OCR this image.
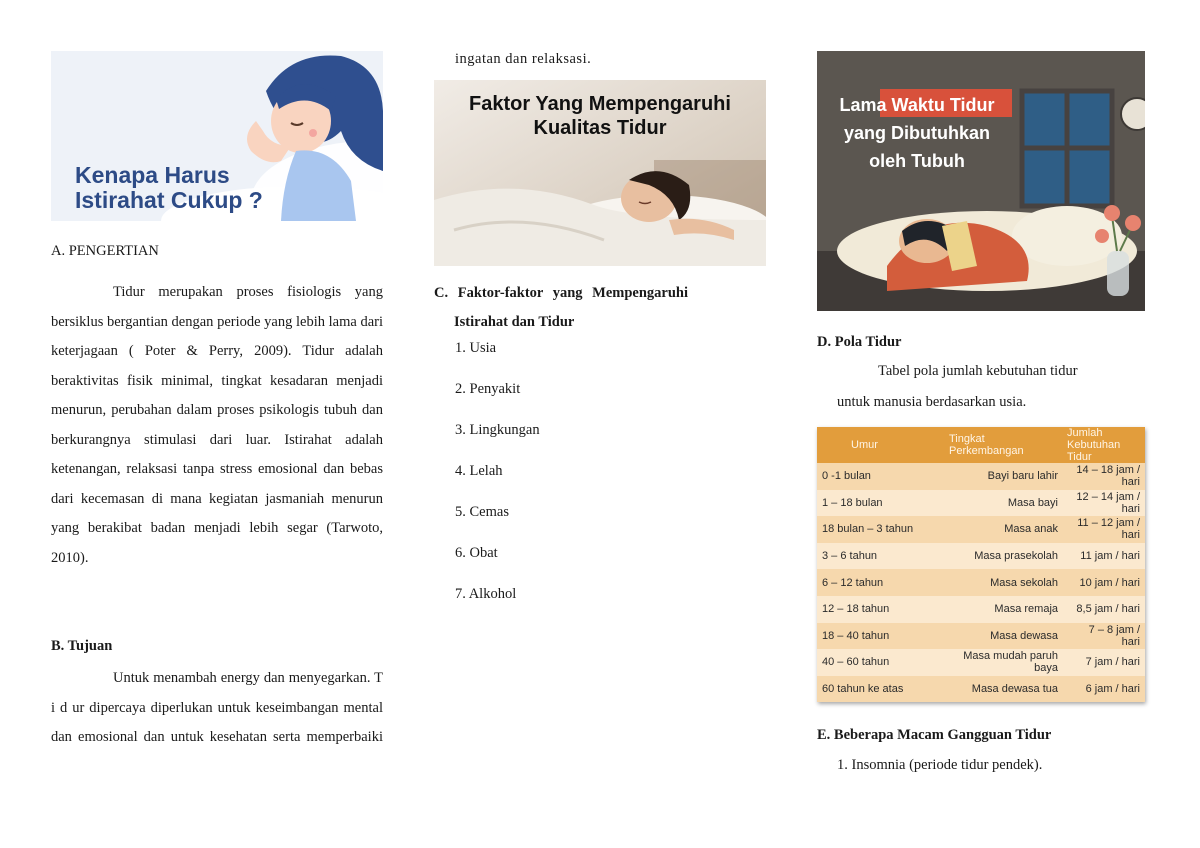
Kenapa Harus
Istirahat Cukup ?
A. PENGERTIAN
Tidur merupakan proses fisiologis yang bersiklus bergantian dengan periode yang lebih lama dari keterjagaan ( Poter & Perry, 2009). Tidur adalah beraktivitas fisik minimal, tingkat kesadaran menjadi menurun, perubahan dalam proses psikologis tubuh dan berkurangnya stimulasi dari luar. Istirahat adalah ketenangan, relaksasi tanpa stress emosional dan bebas dari kecemasan di mana kegiatan jasmaniah menurun yang berakibat badan menjadi lebih segar (Tarwoto, 2010).
B. Tujuan
Untuk menambah energy dan menyegarkan. T i d ur dipercaya diperlukan untuk keseimbangan mental dan emosional dan untuk kesehatan serta memperbaiki
ingatan dan relaksasi.
Faktor Yang Mempengaruhi
Kualitas Tidur
C. Faktor-faktor yang Mempengaruhi
Istirahat dan Tidur
1. Usia
2. Penyakit
3. Lingkungan
4. Lelah
5. Cemas
6. Obat
7. Alkohol
Lama Waktu Tidur
yang Dibutuhkan
oleh Tubuh
D. Pola Tidur
Tabel pola jumlah kebutuhan tidur
untuk manusia berdasarkan usia.
Umur	Tingkat Perkembangan	Jumlah Kebutuhan Tidur
0 -1 bulan	Bayi baru lahir	14 – 18 jam / hari
1 – 18 bulan	Masa bayi	12 – 14 jam / hari
18 bulan – 3 tahun	Masa anak	11 – 12 jam / hari
3 – 6 tahun	Masa prasekolah	11 jam / hari
6 – 12 tahun	Masa sekolah	10 jam / hari
12 – 18 tahun	Masa remaja	8,5 jam / hari
18 – 40 tahun	Masa dewasa	7 – 8 jam / hari
40 – 60 tahun	Masa mudah paruh baya	7 jam / hari
60 tahun ke atas	Masa dewasa tua	6 jam / hari
E. Beberapa Macam Gangguan Tidur
1. Insomnia (periode tidur pendek).
